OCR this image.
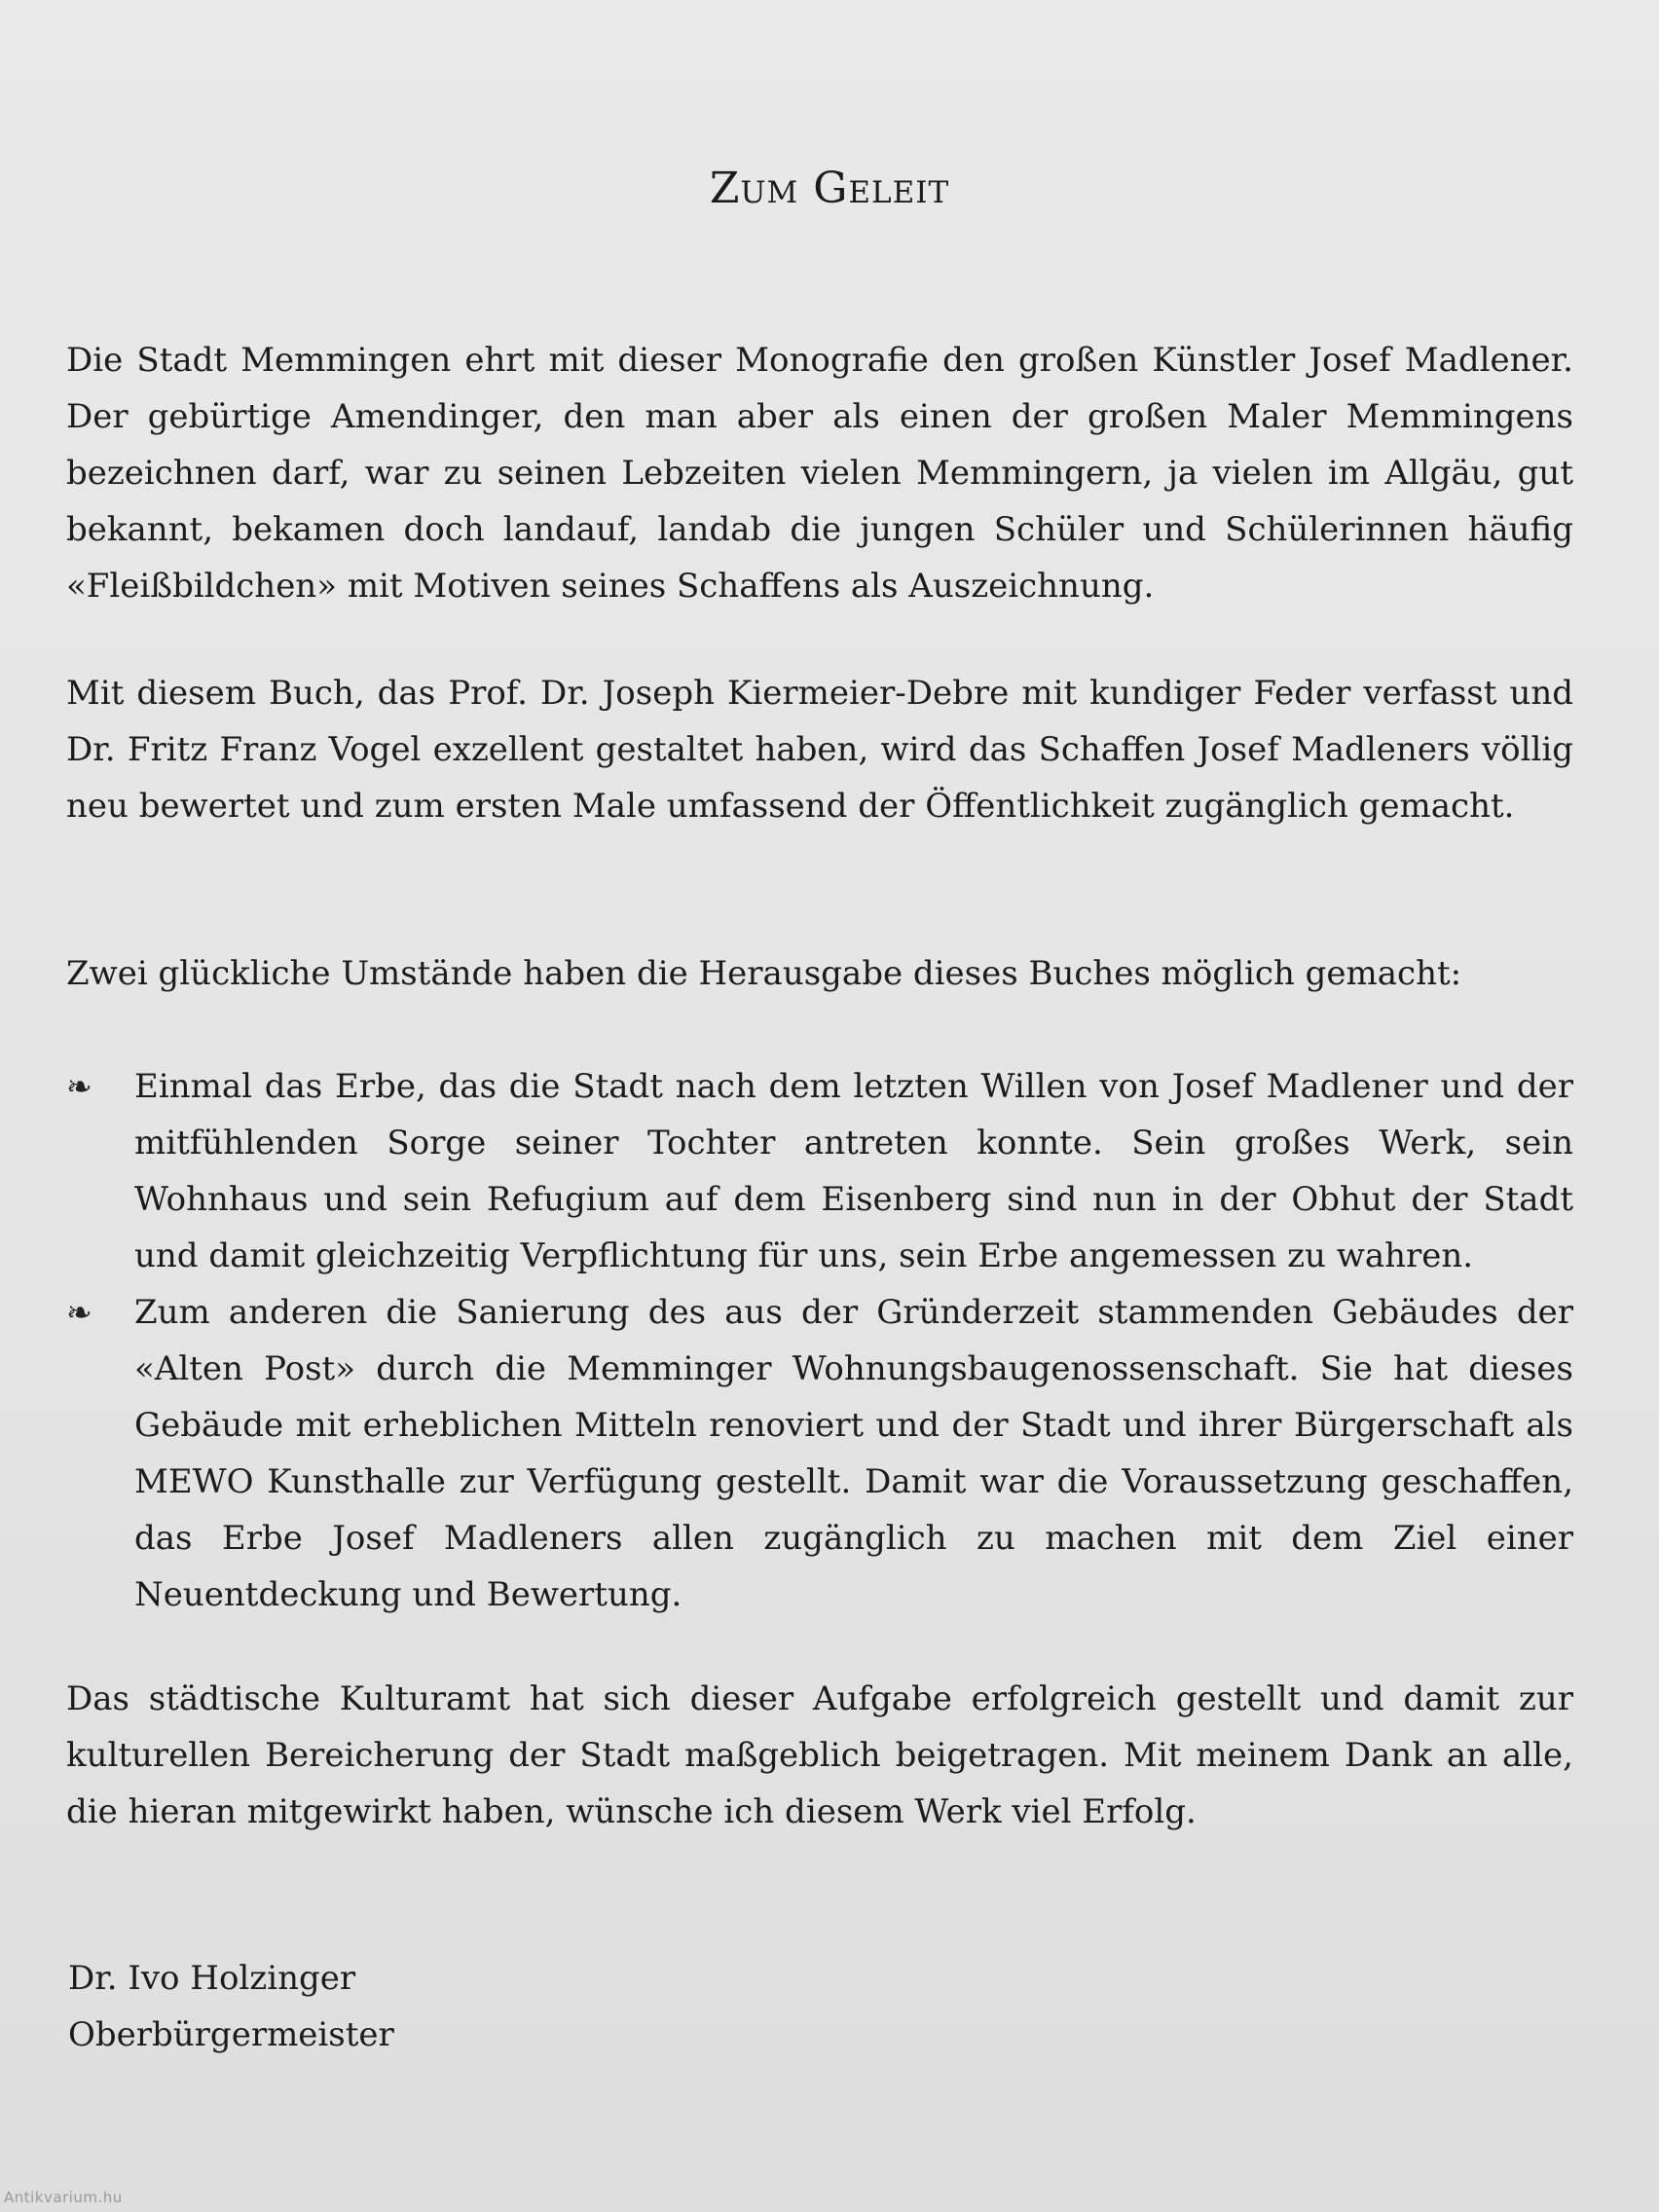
Zum Geleit

Die Stadt Memmingen ehrt mit dieser Monografie den großen Künstler Josef Madlener. Der gebürtige Amendinger, den man aber als einen der großen Maler Memmingens bezeichnen darf, war zu seinen Lebzeiten vielen Memmingern, ja vielen im Allgäu, gut bekannt, bekamen doch landauf, landab die jungen Schüler und Schülerinnen häufig «Fleißbildchen» mit Motiven seines Schaffens als Auszeichnung.

Mit diesem Buch, das Prof. Dr. Joseph Kiermeier-Debre mit kundiger Feder verfasst und Dr. Fritz Franz Vogel exzellent gestaltet haben, wird das Schaffen Josef Madleners völlig neu bewertet und zum ersten Male umfassend der Öffentlichkeit zugänglich gemacht.

Zwei glückliche Umstände haben die Herausgabe dieses Buches möglich gemacht:

❧	Einmal das Erbe, das die Stadt nach dem letzten Willen von Josef Madlener und der mitfühlenden Sorge seiner Tochter antreten konnte. Sein großes Werk, sein Wohnhaus und sein Refugium auf dem Eisenberg sind nun in der Obhut der Stadt und damit gleichzeitig Verpflichtung für uns, sein Erbe angemessen zu wahren.

❧	Zum anderen die Sanierung des aus der Gründerzeit stammenden Gebäudes der «Alten Post» durch die Memminger Wohnungsbaugenossenschaft. Sie hat dieses Gebäude mit erheblichen Mitteln renoviert und der Stadt und ihrer Bürgerschaft als MEWO Kunsthalle zur Verfügung gestellt. Damit war die Voraussetzung geschaffen, das Erbe Josef Madleners allen zugänglich zu machen mit dem Ziel einer Neuentdeckung und Bewertung.

Das städtische Kulturamt hat sich dieser Aufgabe erfolgreich gestellt und damit zur kulturellen Bereicherung der Stadt maßgeblich beigetragen. Mit meinem Dank an alle, die hieran mitgewirkt haben, wünsche ich diesem Werk viel Erfolg.

Dr. Ivo Holzinger
Oberbürgermeister
Antikvarium.hu
